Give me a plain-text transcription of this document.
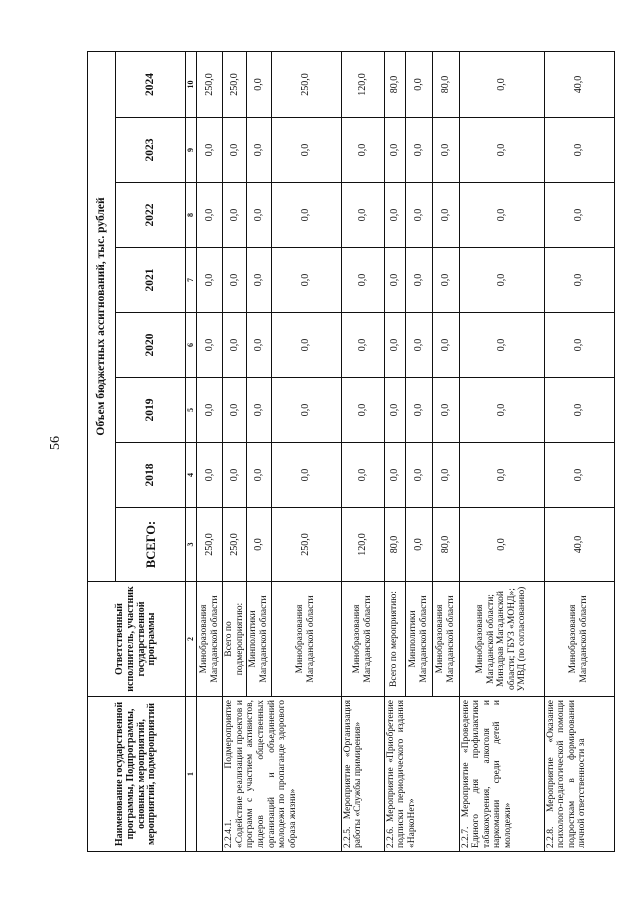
56
Наименование государственной программы, Подпрограммы, основных мероприятий, мероприятий, подмероприятий	Ответственный исполнитель, участник государственной программы	Объем бюджетных ассигнований, тыс. рублей							
		ВСЕГО:	2018	2019	2020	2021	2022	2023	2024
1	2	3	4	5	6	7	8	9	10
	Минобразования Магаданской области	250,0	0,0	0,0	0,0	0,0	0,0	0,0	250,0
2.2.4.1. Подмероприятие «Содействие реализации проектов и программ с участием активистов, лидеров общественных организаций и объединений молодежи по пропаганде здорового образа жизни»	Всего по подмероприятию:	250,0	0,0	0,0	0,0	0,0	0,0	0,0	250,0
	Минполитики Магаданской области	0,0	0,0	0,0	0,0	0,0	0,0	0,0	0,0
	Минобразования Магаданской области	250,0	0,0	0,0	0,0	0,0	0,0	0,0	250,0
2.2.5. Мероприятие «Организация работы «Службы примирения»	Минобразования Магаданской области	120,0	0,0	0,0	0,0	0,0	0,0	0,0	120,0
2.2.6. Мероприятие «Приобретение подписки периодического издания «НаркоНет»	Всего по мероприятию:	80,0	0,0	0,0	0,0	0,0	0,0	0,0	80,0
	Минполитики Магаданской области	0,0	0,0	0,0	0,0	0,0	0,0	0,0	0,0
	Минобразования Магаданской области	80,0	0,0	0,0	0,0	0,0	0,0	0,0	80,0
2.2.7. Мероприятие «Проведение Единого дня профилактики табакокурения, алкоголя и наркомании среди детей и молодежи»	Минобразования Магаданской области; Минздрав Магаданской области; ГБУЗ «МОНД»; УМВД (по согласованию)	0,0	0,0	0,0	0,0	0,0	0,0	0,0	0,0
2.2.8. Мероприятие «Оказание психолого-педагогической помощи подросткам в формировании личной ответственности за	Минобразования Магаданской области	40,0	0,0	0,0	0,0	0,0	0,0	0,0	40,0
